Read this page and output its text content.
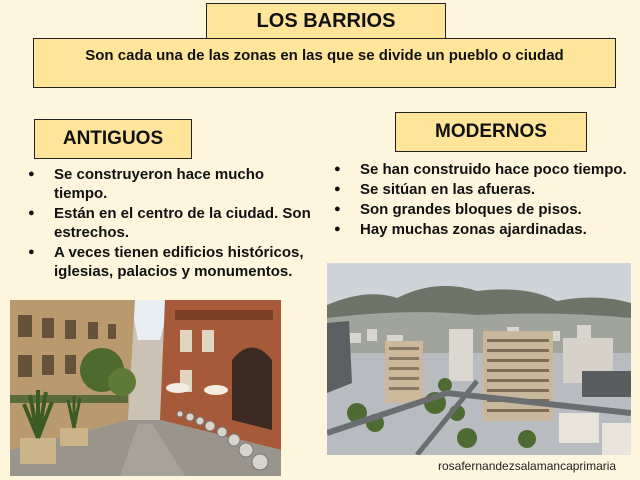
LOS BARRIOS
Son cada una de las zonas en las que se divide un pueblo o ciudad
ANTIGUOS	MODERNOS
● Se construyeron hace mucho tiempo.
● Están en el centro de la ciudad. Son estrechos.
● A veces tienen edificios históricos, iglesias, palacios y monumentos.
● Se han construido hace poco tiempo.
● Se sitúan en las afueras.
● Son grandes bloques de pisos.
● Hay muchas zonas ajardinadas.
rosafernandezsalamancaprimaria
